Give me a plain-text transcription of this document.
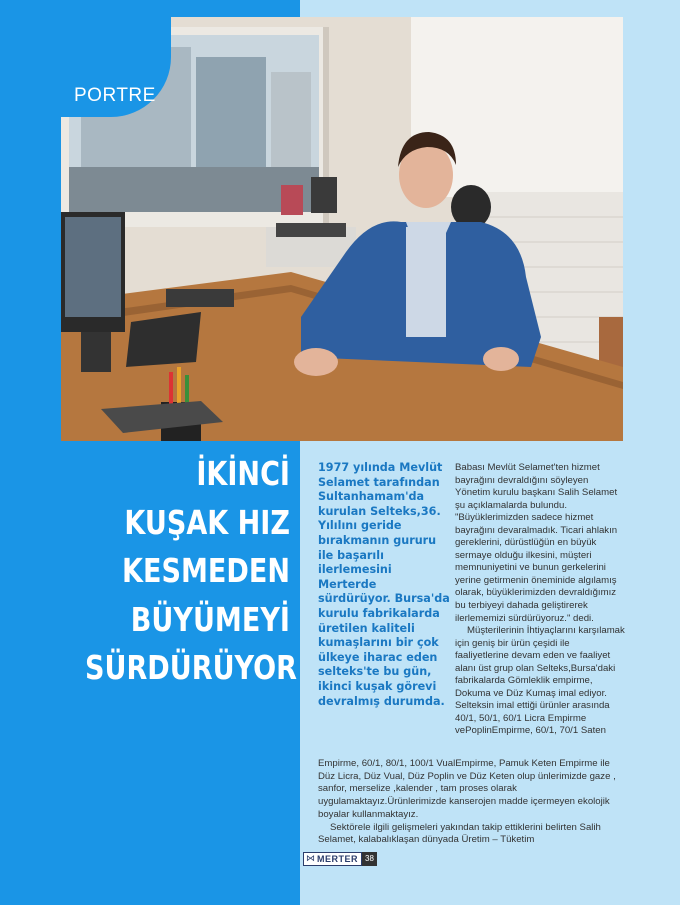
PORTRE
İKİNCİ
KUŞAK HIZ
KESMEDEN
BÜYÜMEYİ
SÜRDÜRÜYOR
1977 yılında Mevlüt Selamet tarafından Sultanhamam'da kurulan Selteks,36. Yılılını geride bırakmanın gururu ile başarılı ilerlemesini Merterde sürdürüyor. Bursa'da kurulu fabrikalarda üretilen kaliteli kumaşlarını bir çok ülkeye iharac eden selteks'te bu gün, ikinci kuşak görevi devralmış durumda.

Babası Mevlüt Selamet'ten hizmet bayrağını devraldığını söyleyen Yönetim kurulu başkanı Salih Selamet şu açıklamalarda bulundu. "Büyüklerimizden sadece hizmet bayrağını devaralmadık. Ticari ahlakın gereklerini, dürüstlüğün en büyük sermaye olduğu ilkesini, müşteri memnuniyetini ve bunun gerkelerini yerine getirmenin öneminide algılamış olarak, büyüklerimizden devraldığımız bu terbiyeyi dahada geliştirerek ilerlememizi sürdürüyoruz." dedi.

Müşterilerinin İhtiyaçlarını karşılamak için geniş bir ürün çeşidi ile faaliyetlerine devam eden ve faaliyet alanı üst grup olan Selteks,Bursa'daki fabrikalarda Gömleklik empirme, Dokuma ve Düz Kumaş imal ediyor. Selteksin imal ettiği ürünler arasında 40/1, 50/1, 60/1 Licra Empirme vePoplinEmpirme, 60/1, 70/1 Saten

Empirme, 60/1, 80/1, 100/1 VualEmpirme, Pamuk Keten Empirme ile Düz Licra, Düz Vual, Düz Poplin ve Düz Keten olup ünlerimizde gaze , sanfor, merselize ,kalender , tam proses olarak uygulamaktayız.Ürünlerimizde kanserojen madde içermeyen ekolojik boyalar kullanmaktayız.

Sektörele ilgili gelişmeleri yakından takip ettiklerini belirten Salih Selamet, kalabalıklaşan dünyada Üretim – Tüketim

⋈ MERTER 38
